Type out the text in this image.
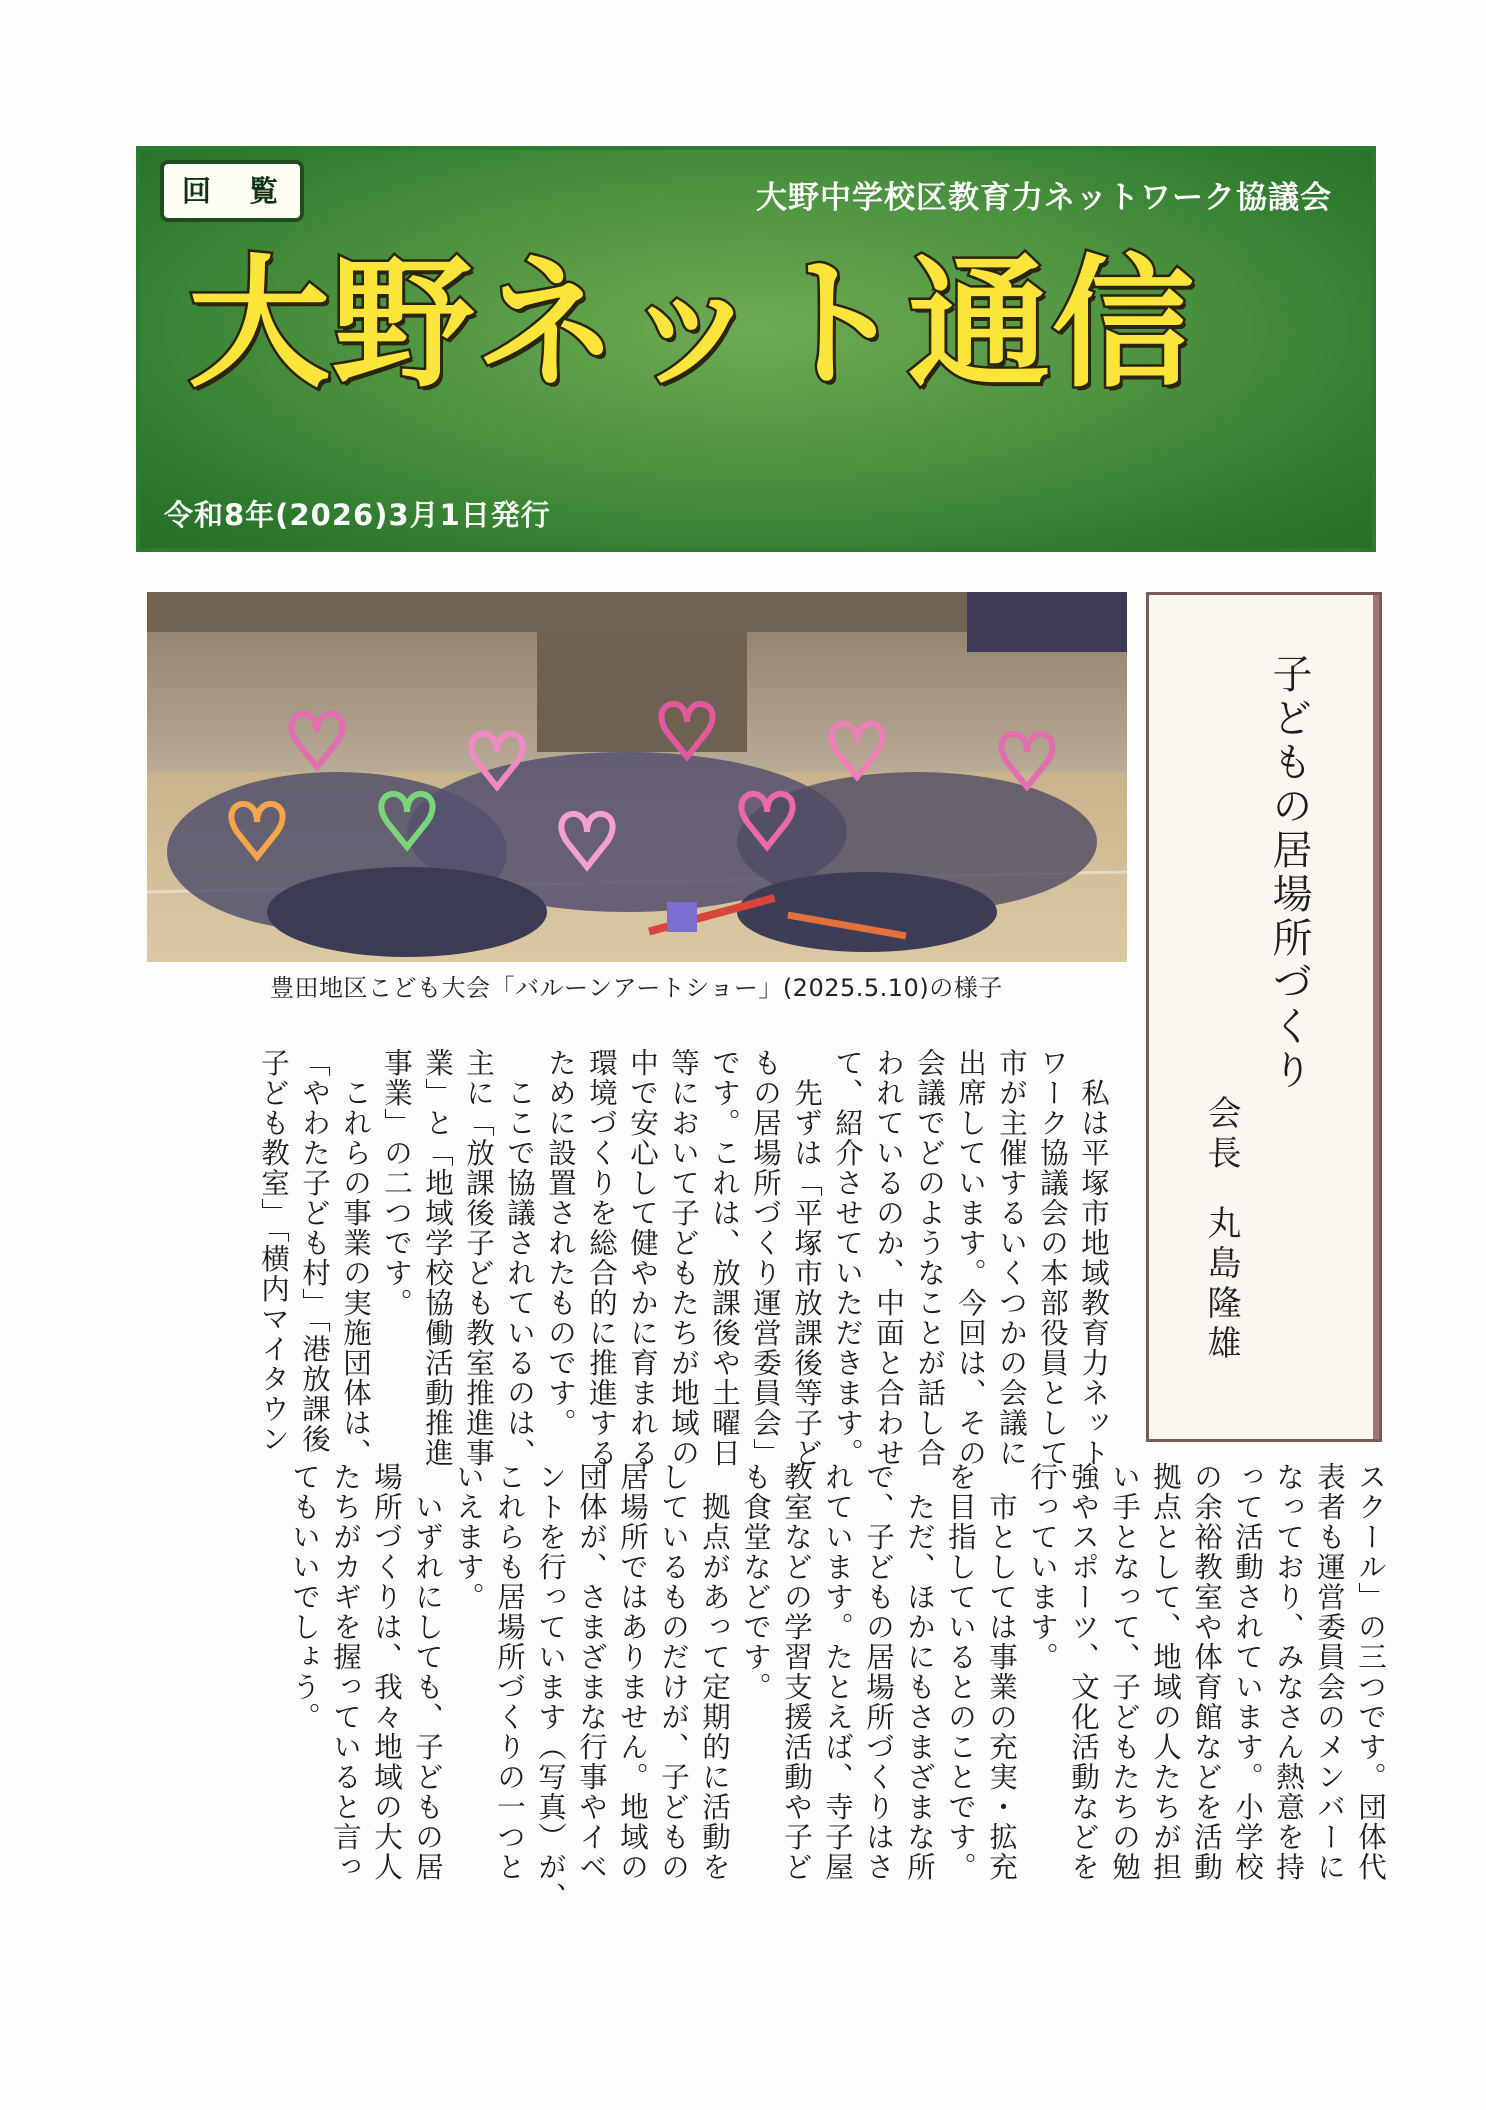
回 覧	大野中学校区教育力ネットワーク協議会
大野ネット通信
令和8年(2026)3月1日発行
豊田地区こども大会「バルーンアートショー」(2025.5.10)の様子	子どもの居場所づくり
会長
丸島隆雄
　私は平塚市地域教育力ネット
ワーク協議会の本部役員として、
市が主催するいくつかの会議に
出席しています。今回は、その
会議でどのようなことが話し合
われているのか、中面と合わせ
て、紹介させていただきます。
　先ずは「平塚市放課後等子ど
もの居場所づくり運営委員会」
です。これは、放課後や土曜日
等において子どもたちが地域の
中で安心して健やかに育まれる
環境づくりを総合的に推進する
ために設置されたものです。
　ここで協議されているのは、
主に「放課後子ども教室推進事
業」と「地域学校協働活動推進
事業」の二つです。
　これらの事業の実施団体は、
「やわた子ども村」「港放課後
子ども教室」「横内マイタウン
スクール」の三つです。団体代
表者も運営委員会のメンバーに
なっており、みなさん熱意を持
って活動されています。小学校
の余裕教室や体育館などを活動
拠点として、地域の人たちが担
い手となって、子どもたちの勉
強やスポーツ、文化活動などを
行っています。
　市としては事業の充実・拡充
を目指しているとのことです。
　ただ、ほかにもさまざまな所
で、子どもの居場所づくりはさ
れています。たとえば、寺子屋
教室などの学習支援活動や子ど
も食堂などです。
　拠点があって定期的に活動を
しているものだけが、子どもの
居場所ではありません。地域の
団体が、さまざまな行事やイベ
ントを行っています（写真）が、
これらも居場所づくりの一つと
いえます。
　いずれにしても、子どもの居
場所づくりは、我々地域の大人
たちがカギを握っていると言っ
てもいいでしょう。
